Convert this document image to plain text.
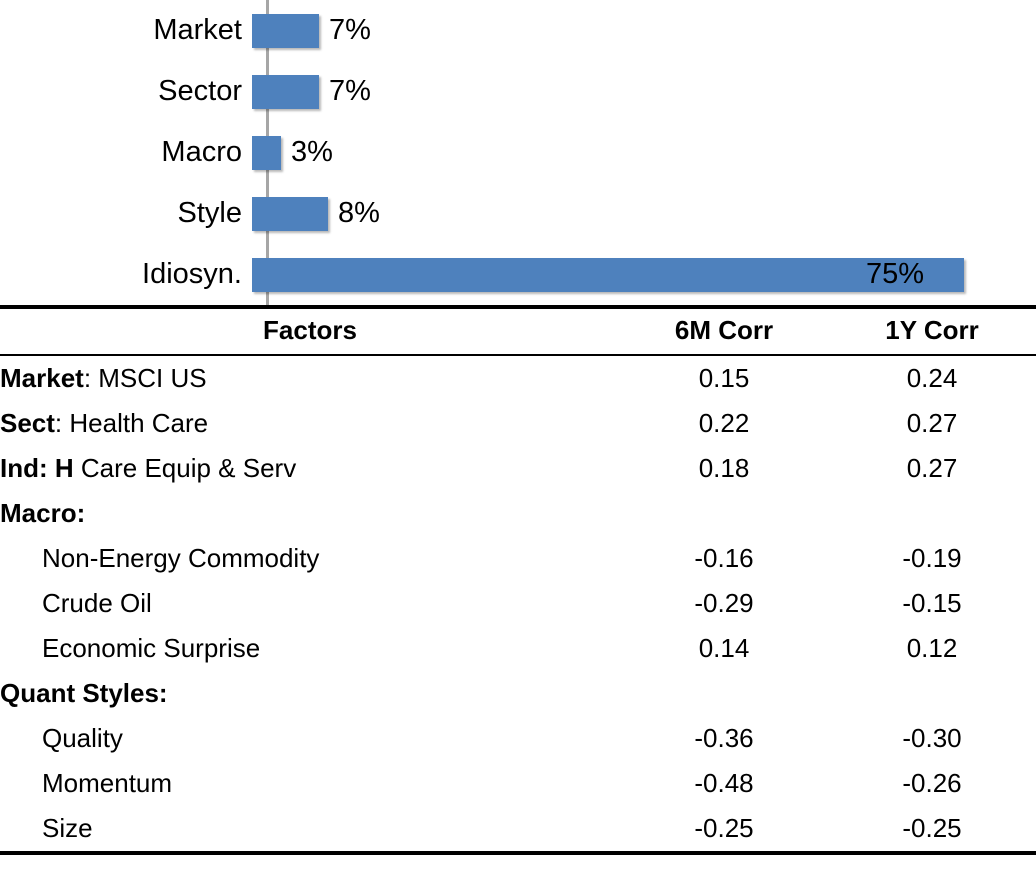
Market	7%
Sector	7%
Macro	3%
Style	8%
Idiosyn.	75%
Factors	6M Corr	1Y Corr
Market: MSCI US	0.15	0.24
Sect: Health Care	0.22	0.27
Ind: H Care Equip & Serv	0.18	0.27
Macro:		
Non-Energy Commodity	-0.16	-0.19
Crude Oil	-0.29	-0.15
Economic Surprise	0.14	0.12
Quant Styles:		
Quality	-0.36	-0.30
Momentum	-0.48	-0.26
Size	-0.25	-0.25
